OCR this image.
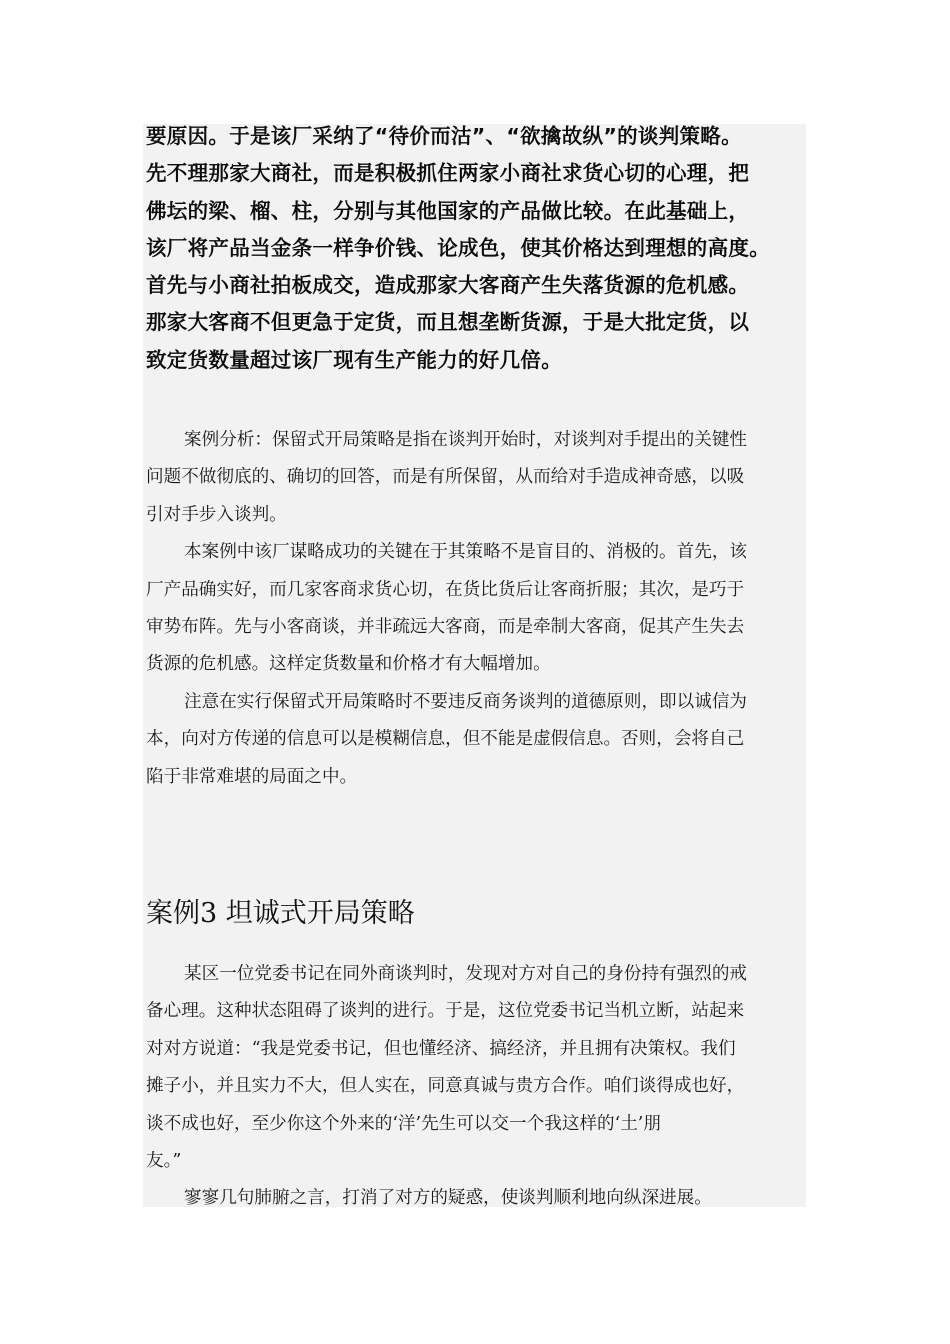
要原因。于是该厂采纳了“待价而沽”、“欲擒故纵”的谈判策略。
先不理那家大商社，而是积极抓住两家小商社求货心切的心理，把
佛坛的梁、榴、柱，分别与其他国家的产品做比较。在此基础上，
该厂将产品当金条一样争价钱、论成色，使其价格达到理想的高度。
首先与小商社拍板成交，造成那家大客商产生失落货源的危机感。
那家大客商不但更急于定货，而且想垄断货源，于是大批定货，以
致定货数量超过该厂现有生产能力的好几倍。
案例分析：保留式开局策略是指在谈判开始时，对谈判对手提出的关键性
问题不做彻底的、确切的回答，而是有所保留，从而给对手造成神奇感，以吸
引对手步入谈判。
本案例中该厂谋略成功的关键在于其策略不是盲目的、消极的。首先，该
厂产品确实好，而几家客商求货心切，在货比货后让客商折服；其次，是巧于
审势布阵。先与小客商谈，并非疏远大客商，而是牵制大客商，促其产生失去
货源的危机感。这样定货数量和价格才有大幅增加。
注意在实行保留式开局策略时不要违反商务谈判的道德原则，即以诚信为
本，向对方传递的信息可以是模糊信息，但不能是虚假信息。否则，会将自己
陷于非常难堪的局面之中。
案例3 坦诚式开局策略
某区一位党委书记在同外商谈判时，发现对方对自己的身份持有强烈的戒
备心理。这种状态阻碍了谈判的进行。于是，这位党委书记当机立断，站起来
对对方说道：“我是党委书记，但也懂经济、搞经济，并且拥有决策权。我们
摊子小，并且实力不大，但人实在，同意真诚与贵方合作。咱们谈得成也好，
谈不成也好，至少你这个外来的‘洋’先生可以交一个我这样的‘土’朋
友。”
寥寥几句肺腑之言，打消了对方的疑惑，使谈判顺利地向纵深进展。
